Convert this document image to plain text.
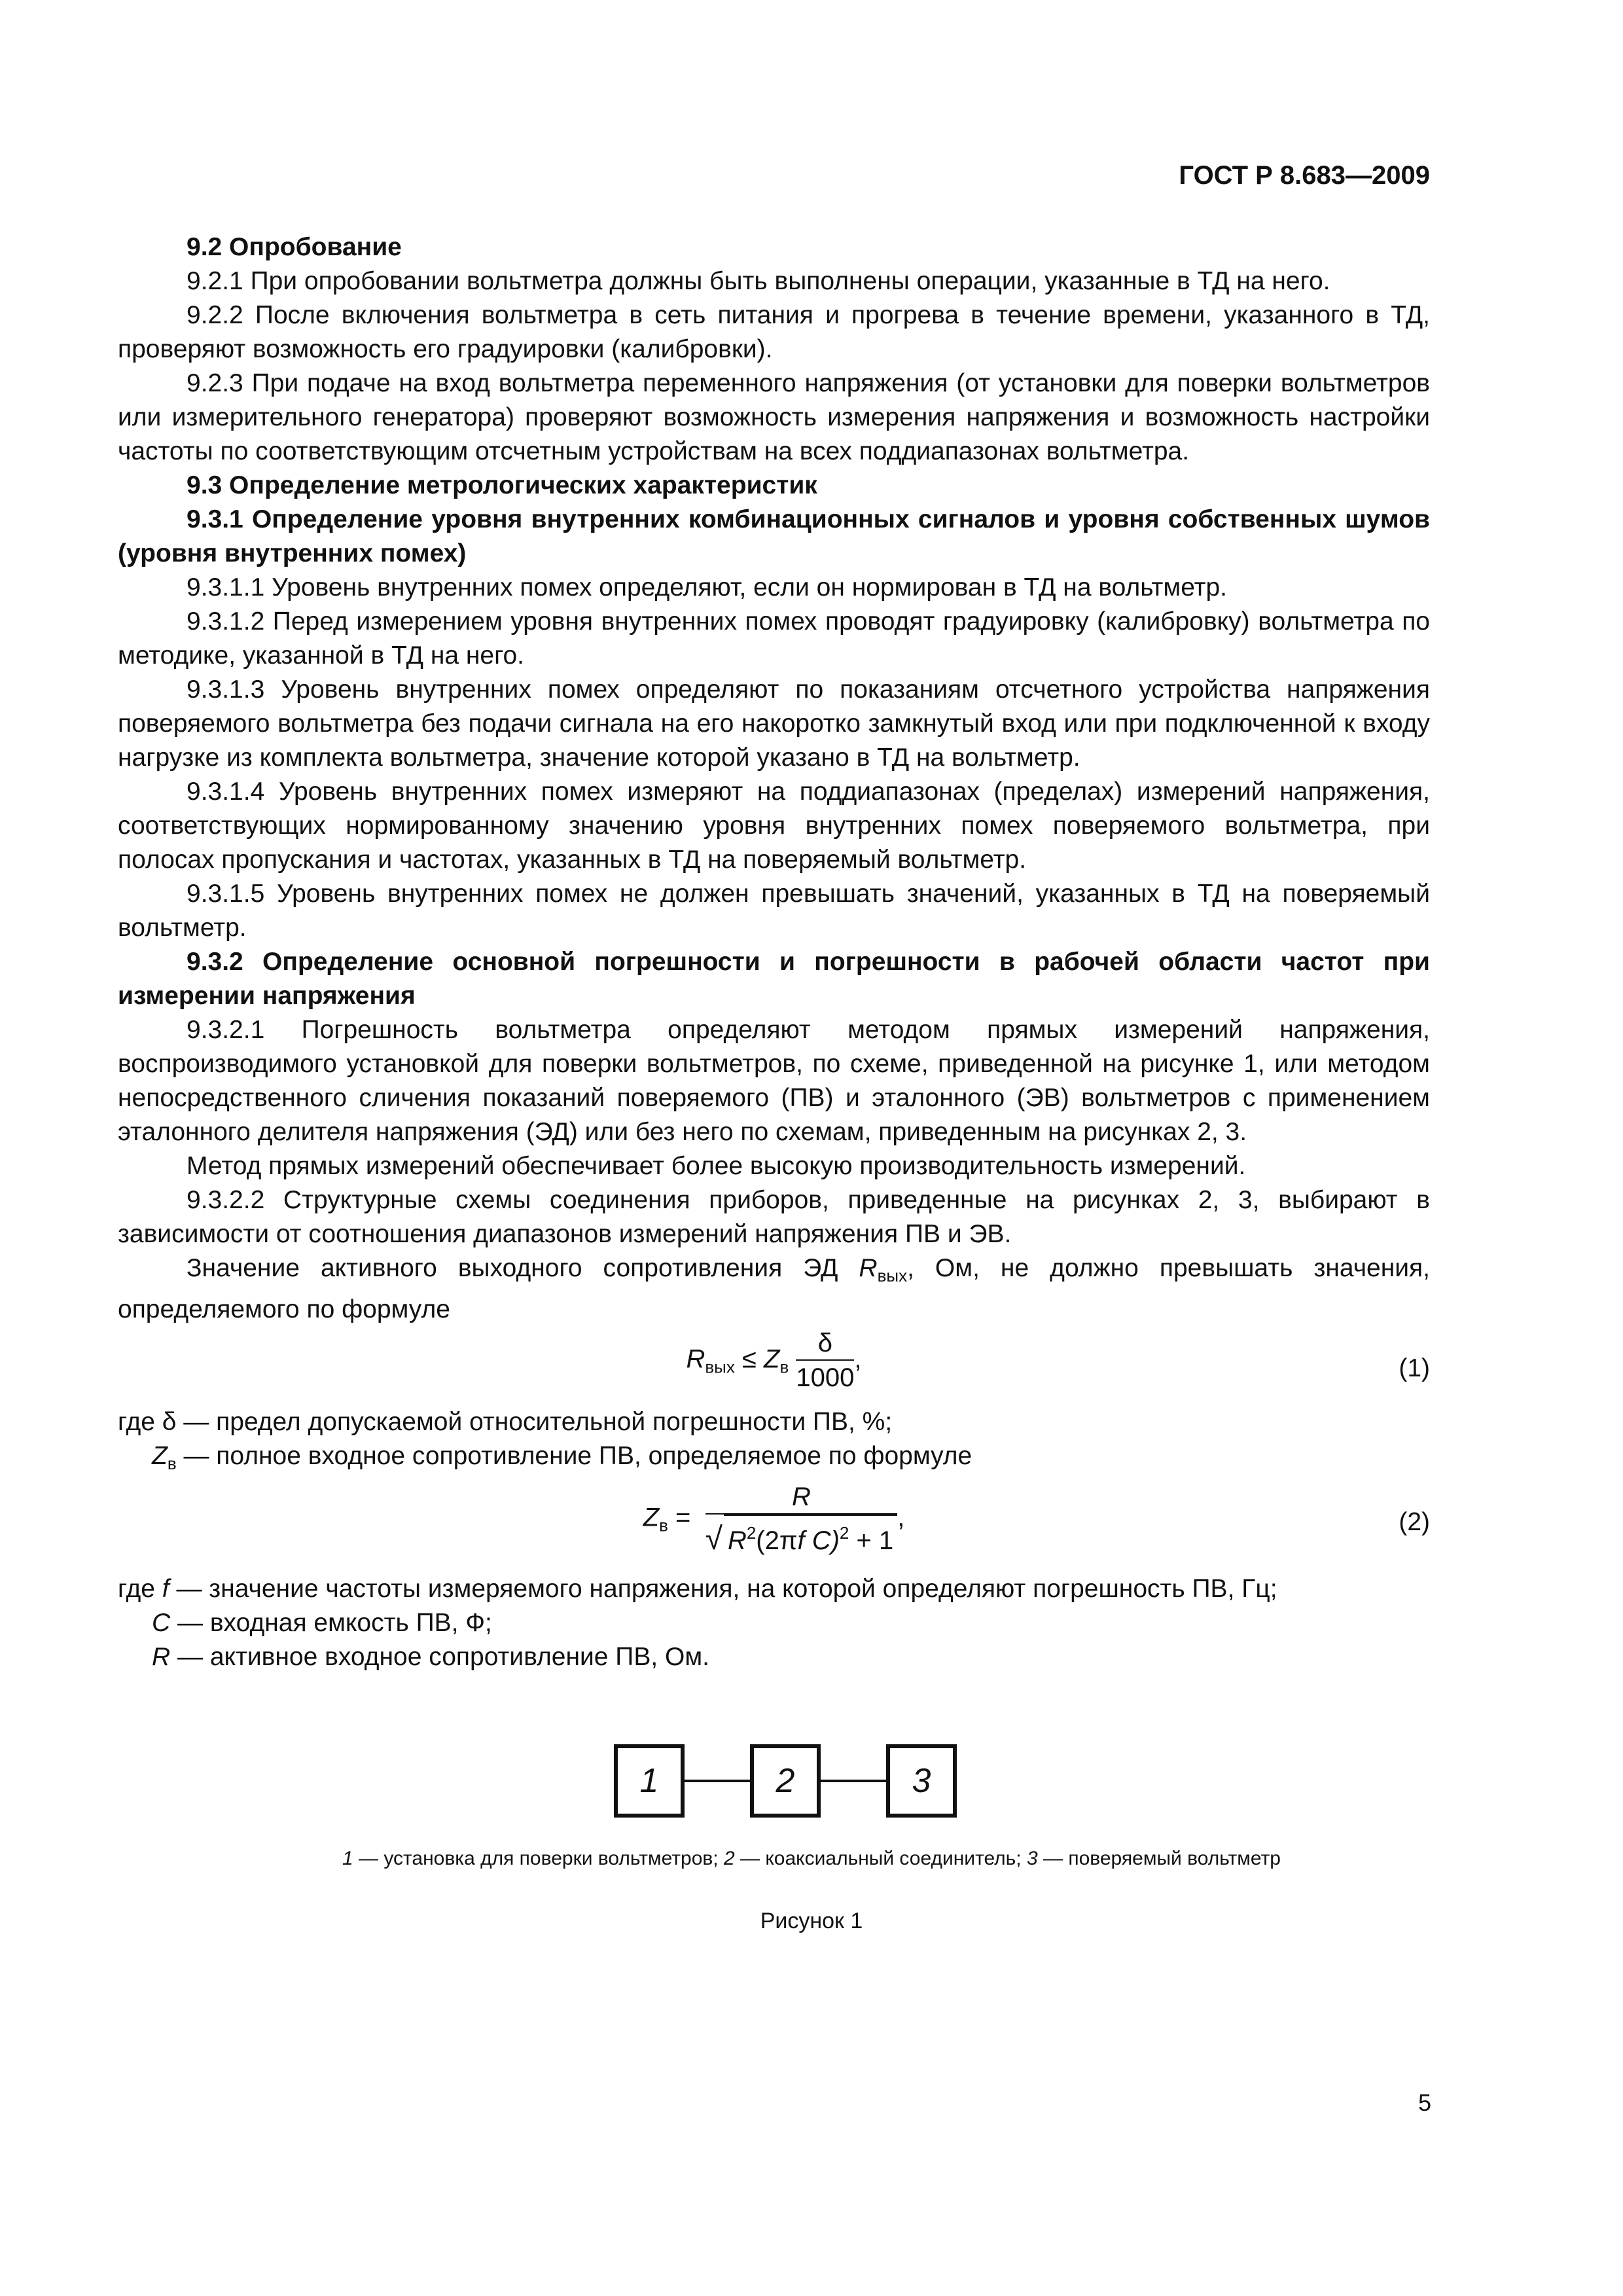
ГОСТ Р 8.683—2009

9.2 Опробование

9.2.1 При опробовании вольтметра должны быть выполнены операции, указанные в ТД на него.

9.2.2 После включения вольтметра в сеть питания и прогрева в течение времени, указанного в ТД, проверяют возможность его градуировки (калибровки).

9.2.3 При подаче на вход вольтметра переменного напряжения (от установки для поверки вольтметров или измерительного генератора) проверяют возможность измерения напряжения и возможность настройки частоты по соответствующим отсчетным устройствам на всех поддиапазонах вольтметра.

9.3 Определение метрологических характеристик

9.3.1 Определение уровня внутренних комбинационных сигналов и уровня собственных шумов (уровня внутренних помех)

9.3.1.1 Уровень внутренних помех определяют, если он нормирован в ТД на вольтметр.

9.3.1.2 Перед измерением уровня внутренних помех проводят градуировку (калибровку) вольтметра по методике, указанной в ТД на него.

9.3.1.3 Уровень внутренних помех определяют по показаниям отсчетного устройства напряжения поверяемого вольтметра без подачи сигнала на его накоротко замкнутый вход или при подключенной к входу нагрузке из комплекта вольтметра, значение которой указано в ТД на вольтметр.

9.3.1.4 Уровень внутренних помех измеряют на поддиапазонах (пределах) измерений напряжения, соответствующих нормированному значению уровня внутренних помех поверяемого вольтметра, при полосах пропускания и частотах, указанных в ТД на поверяемый вольтметр.

9.3.1.5 Уровень внутренних помех не должен превышать значений, указанных в ТД на поверяемый вольтметр.

9.3.2 Определение основной погрешности и погрешности в рабочей области частот при измерении напряжения

9.3.2.1 Погрешность вольтметра определяют методом прямых измерений напряжения, воспроизводимого установкой для поверки вольтметров, по схеме, приведенной на рисунке 1, или методом непосредственного сличения показаний поверяемого (ПВ) и эталонного (ЭВ) вольтметров с применением эталонного делителя напряжения (ЭД) или без него по схемам, приведенным на рисунках 2, 3.

Метод прямых измерений обеспечивает более высокую производительность измерений.

9.3.2.2 Структурные схемы соединения приборов, приведенные на рисунках 2, 3, выбирают в зависимости от соотношения диапазонов измерений напряжения ПВ и ЭВ.

Значение активного выходного сопротивления ЭД $R_{вых}$, Ом, не должно превышать значения, определяемого по формуле

$R_{вых} \le Z_в \frac{\delta}{1000}$ ,	(1)

где δ — предел допускаемой относительной погрешности ПВ, %;

$Z_в$ — полное входное сопротивление ПВ, определяемое по формуле

$Z_в = \frac{R}{√ R^2(2\pi f C)^2 + 1}$ ,	(2)

где f — значение частоты измеряемого напряжения, на которой определяют погрешность ПВ, Гц;

C — входная емкость ПВ, Ф;

R — активное входное сопротивление ПВ, Ом.

1	2	3
1 — установка для поверки вольтметров; 2 — коаксиальный соединитель; 3 — поверяемый вольтметр
Рисунок 1
5
